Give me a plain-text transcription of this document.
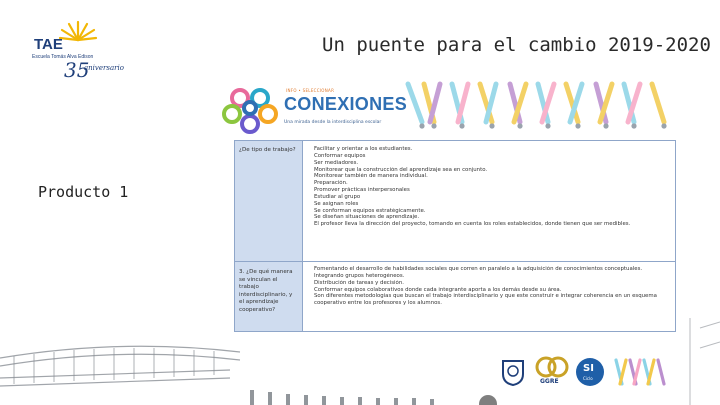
TAE
Escuela Tomás Alva Edison
35
aniversario
Un puente para el cambio 2019-2020
Producto 1
INFO • SELECCIONAR
CONEXIONES
Una mirada desde la interdisciplina escolar
¿De tipo de trabajo?
•	Facilitar y orientar a los estudiantes.
• Conformar equipos
• Ser mediadores.
• Monitorear que la construcción del aprendizaje sea en conjunto.
• Monitorear también de manera individual.
• Preparación.
• Promover prácticas interpersonales
• Estudiar al grupo
• Se asignan roles
• Se conforman equipos estratégicamente.
• Se diseñan situaciones de aprendizaje.
• El profesor lleva la dirección del proyecto, tomando en cuenta los roles establecidos, donde tienen que ser medibles.
3. ¿De qué manera se vinculan el trabajo interdisciplinario, y el aprendizaje cooperativo?
• Fomentando el desarrollo de habilidades sociales que corren en paralelo a la adquisición de conocimientos conceptuales.
• Integrando grupos heterogéneos.
• Distribución de tareas y decisión.
• Conformar equipos colaborativos donde cada integrante aporta a los demás desde su área.
• Son diferentes metodologías que buscan el trabajo interdisciplinario y que este construir e integrar coherencia en un esquema cooperativo entre los profesores y los alumnos.
GGRE
SI
Ciclo
